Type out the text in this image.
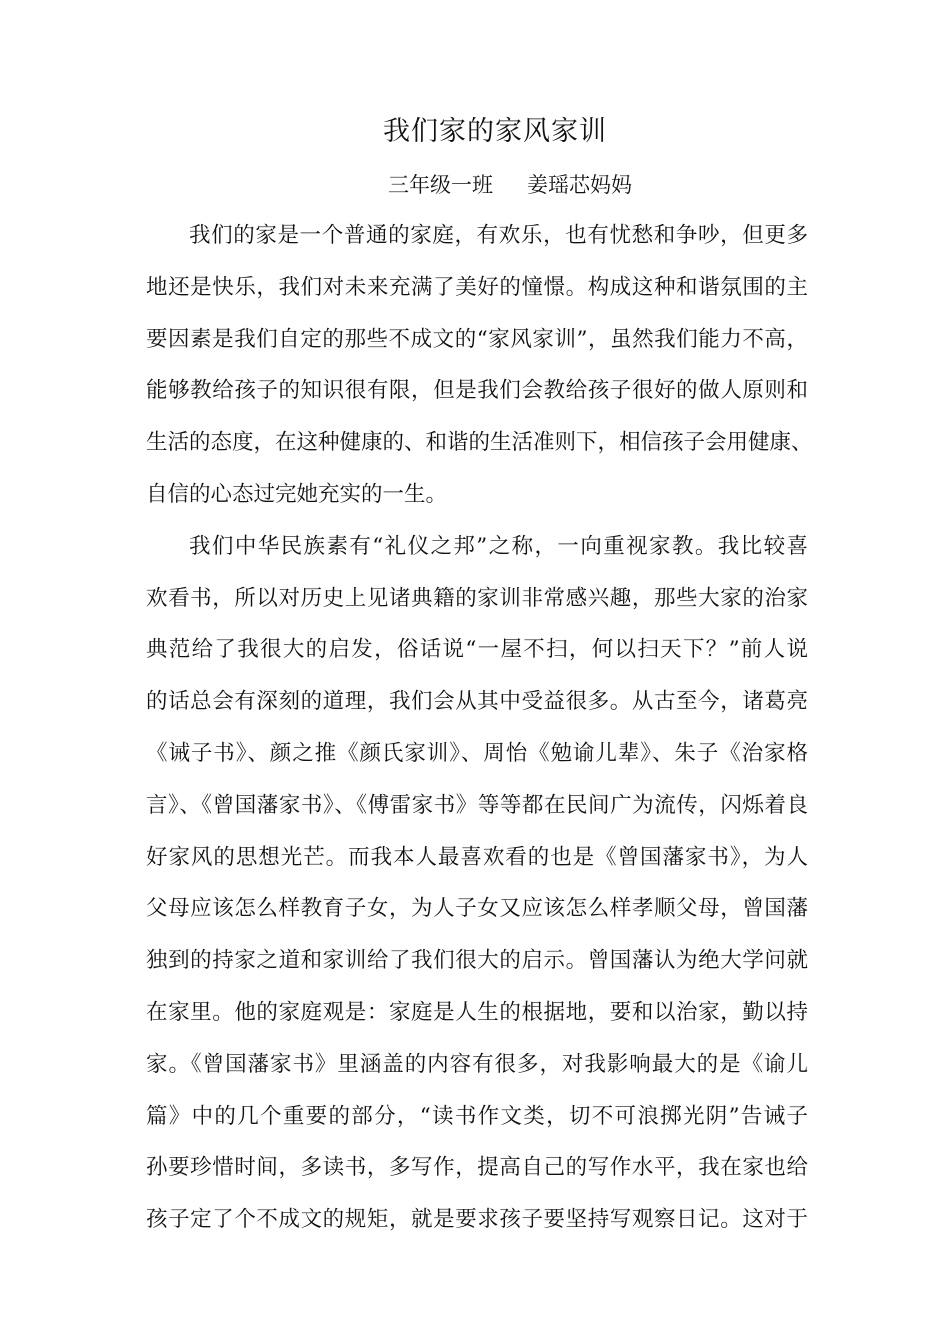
我们家的家风家训
三年级一班 姜瑶芯妈妈
我们的家是一个普通的家庭，有欢乐，也有忧愁和争吵，但更多
地还是快乐，我们对未来充满了美好的憧憬。构成这种和谐氛围的主
要因素是我们自定的那些不成文的“家风家训”，虽然我们能力不高，
能够教给孩子的知识很有限，但是我们会教给孩子很好的做人原则和
生活的态度，在这种健康的、和谐的生活准则下，相信孩子会用健康、
自信的心态过完她充实的一生。
我们中华民族素有“礼仪之邦”之称，一向重视家教。我比较喜
欢看书，所以对历史上见诸典籍的家训非常感兴趣，那些大家的治家
典范给了我很大的启发，俗话说“一屋不扫，何以扫天下？”前人说
的话总会有深刻的道理，我们会从其中受益很多。从古至今，诸葛亮
《诫子书》、颜之推《颜氏家训》、周怡《勉谕儿辈》、朱子《治家格
言》、《曾国藩家书》、《傅雷家书》等等都在民间广为流传，闪烁着良
好家风的思想光芒。而我本人最喜欢看的也是《曾国藩家书》，为人
父母应该怎么样教育子女，为人子女又应该怎么样孝顺父母，曾国藩
独到的持家之道和家训给了我们很大的启示。曾国藩认为绝大学问就
在家里。他的家庭观是：家庭是人生的根据地，要和以治家，勤以持
家。《曾国藩家书》里涵盖的内容有很多，对我影响最大的是《谕儿
篇》中的几个重要的部分，“读书作文类，切不可浪掷光阴”告诫子
孙要珍惜时间，多读书，多写作，提高自己的写作水平，我在家也给
孩子定了个不成文的规矩，就是要求孩子要坚持写观察日记。这对于
